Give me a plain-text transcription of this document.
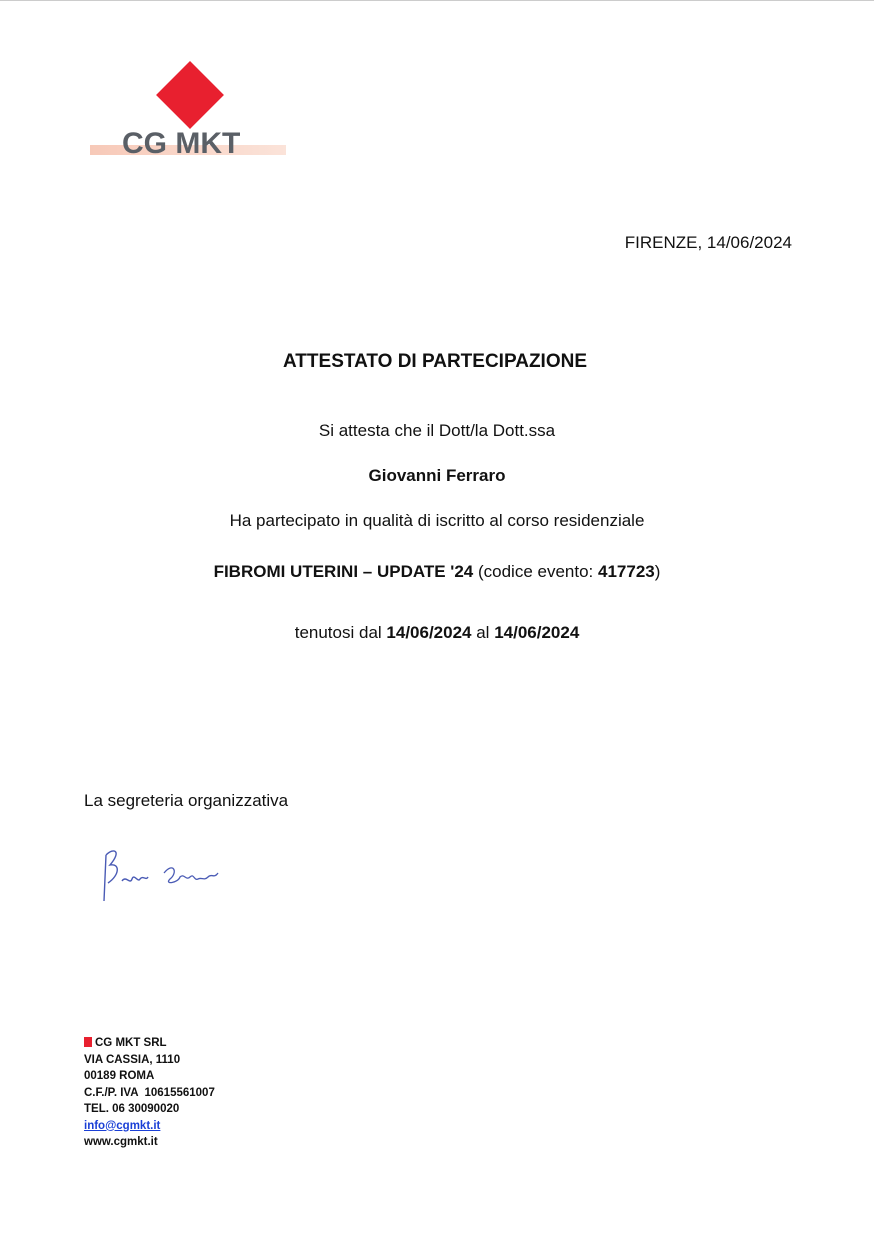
CG MKT
FIRENZE, 14/06/2024
ATTESTATO DI PARTECIPAZIONE
Si attesta che il Dott/la Dott.ssa
Giovanni Ferraro
Ha partecipato in qualità di iscritto al corso residenziale
FIBROMI UTERINI – UPDATE '24 (codice evento: 417723)
tenutosi dal 14/06/2024 al 14/06/2024
La segreteria organizzativa
CG MKT SRL
VIA CASSIA, 1110
00189 ROMA
C.F./P. IVA  10615561007
TEL. 06 30090020
info@cgmkt.it
www.cgmkt.it
